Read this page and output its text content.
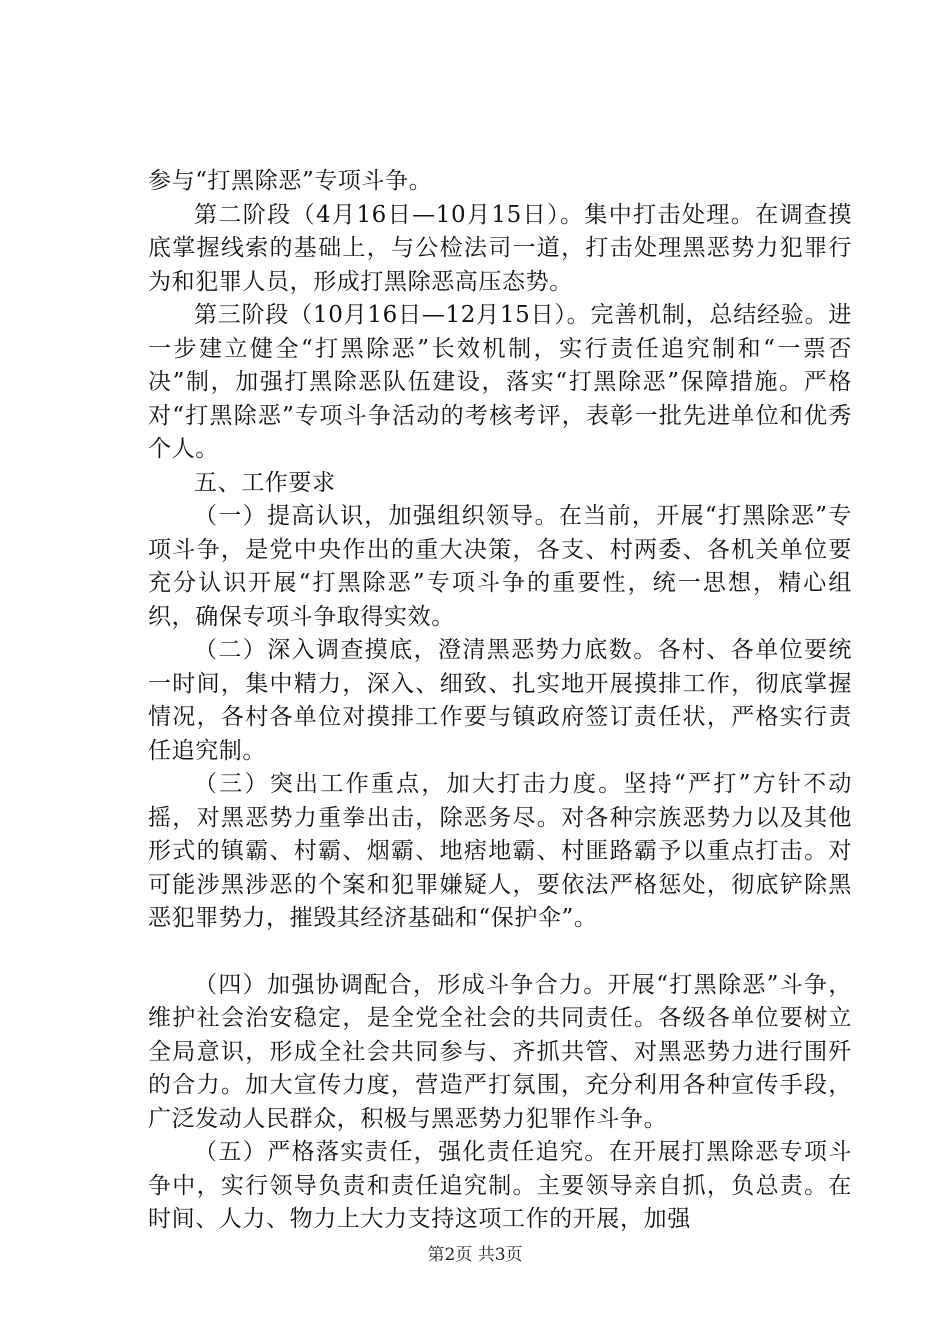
参与“打黑除恶”专项斗争。

第二阶段（4月16日—10月15日）。集中打击处理。在调查摸底掌握线索的基础上，与公检法司一道，打击处理黑恶势力犯罪行为和犯罪人员，形成打黑除恶高压态势。

第三阶段（10月16日—12月15日）。完善机制，总结经验。进一步建立健全“打黑除恶”长效机制，实行责任追究制和“一票否决”制，加强打黑除恶队伍建设，落实“打黑除恶”保障措施。严格对“打黑除恶”专项斗争活动的考核考评，表彰一批先进单位和优秀个人。

五、工作要求

（一）提高认识，加强组织领导。在当前，开展“打黑除恶”专项斗争，是党中央作出的重大决策，各支、村两委、各机关单位要充分认识开展“打黑除恶”专项斗争的重要性，统一思想，精心组织，确保专项斗争取得实效。

（二）深入调查摸底，澄清黑恶势力底数。各村、各单位要统一时间，集中精力，深入、细致、扎实地开展摸排工作，彻底掌握情况，各村各单位对摸排工作要与镇政府签订责任状，严格实行责任追究制。

（三）突出工作重点，加大打击力度。坚持“严打”方针不动摇，对黑恶势力重拳出击，除恶务尽。对各种宗族恶势力以及其他形式的镇霸、村霸、烟霸、地痞地霸、村匪路霸予以重点打击。对可能涉黑涉恶的个案和犯罪嫌疑人，要依法严格惩处，彻底铲除黑恶犯罪势力，摧毁其经济基础和“保护伞”。

（四）加强协调配合，形成斗争合力。开展“打黑除恶”斗争，维护社会治安稳定，是全党全社会的共同责任。各级各单位要树立全局意识，形成全社会共同参与、齐抓共管、对黑恶势力进行围歼的合力。加大宣传力度，营造严打氛围，充分利用各种宣传手段，广泛发动人民群众，积极与黑恶势力犯罪作斗争。

（五）严格落实责任，强化责任追究。在开展打黑除恶专项斗争中，实行领导负责和责任追究制。主要领导亲自抓，负总责。在时间、人力、物力上大力支持这项工作的开展，加强

第2页 共3页
